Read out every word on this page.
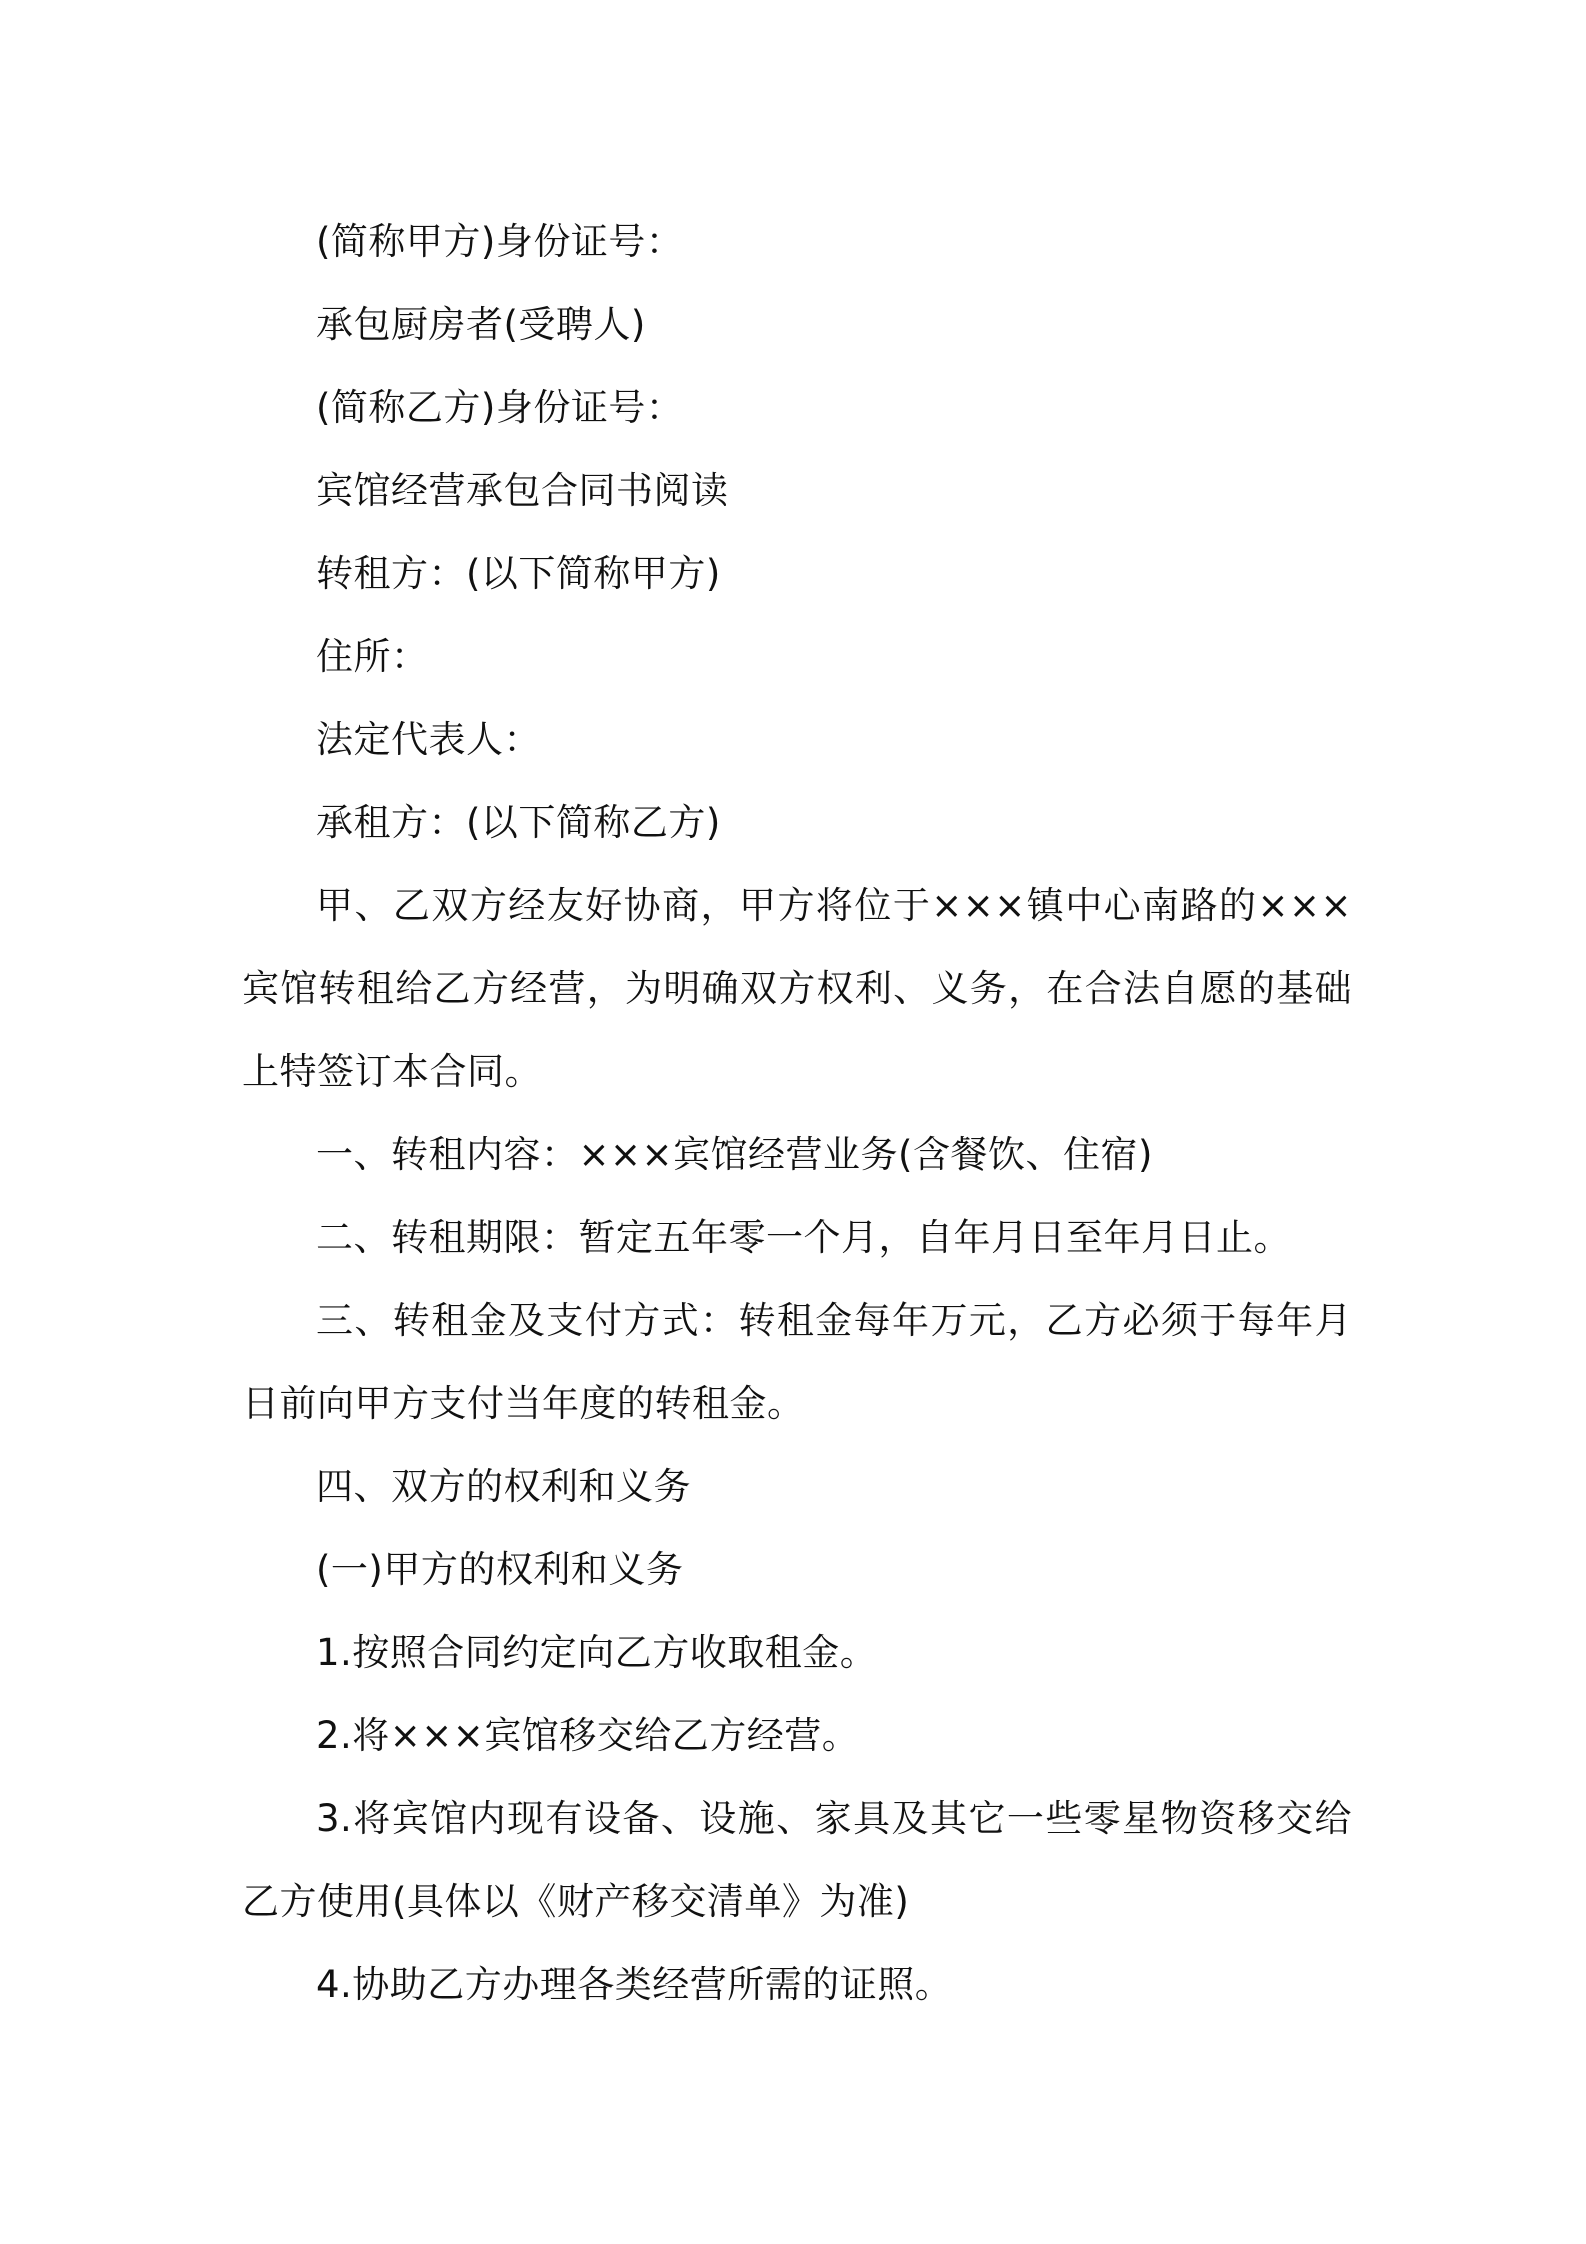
(简称甲方)身份证号：

承包厨房者(受聘人)

(简称乙方)身份证号：

宾馆经营承包合同书阅读

转租方：(以下简称甲方)

住所：

法定代表人：

承租方：(以下简称乙方)

甲、乙双方经友好协商，甲方将位于×××镇中心南路的×××宾馆转租给乙方经营，为明确双方权利、义务，在合法自愿的基础上特签订本合同。

一、转租内容：×××宾馆经营业务(含餐饮、住宿)

二、转租期限：暂定五年零一个月，自年月日至年月日止。

三、转租金及支付方式：转租金每年万元，乙方必须于每年月日前向甲方支付当年度的转租金。

四、双方的权利和义务

(一)甲方的权利和义务

1.按照合同约定向乙方收取租金。

2.将×××宾馆移交给乙方经营。

3.将宾馆内现有设备、设施、家具及其它一些零星物资移交给乙方使用(具体以《财产移交清单》为准)

4.协助乙方办理各类经营所需的证照。
